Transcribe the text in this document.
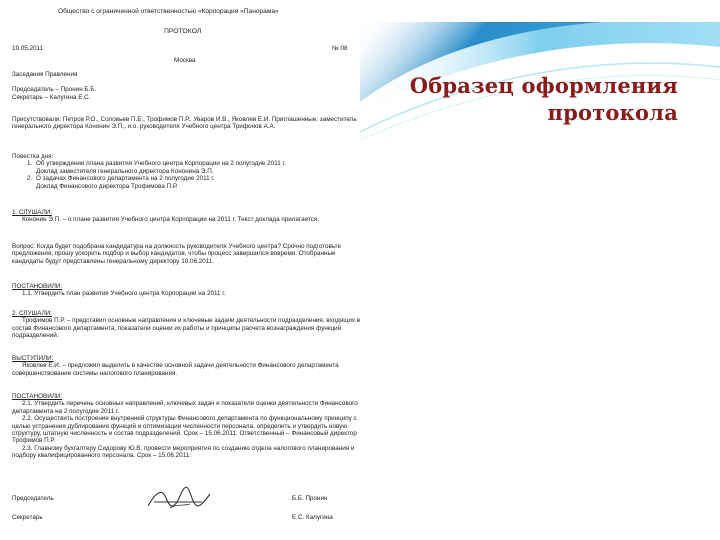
Общество с ограниченной ответственностью «Корпорация «Панорама»
ПРОТОКОЛ
19.05.2011	№ 08
Москва
Заседания Правления
Председатель – Пронин Б.Б.
Секретарь – Калугина Е.С.

Присутствовали: Петров Р.О., Соловьев П.Б., Трофимов П.Р., Уваров И.В., Яковлев Е.И. Приглашенные: заместитель генерального директора Кононин Э.П., и.о. руководителя Учебного центра Трифонов А.А.

Повестка дня:

1. Об утверждении плана развития Учебного центра Корпорации на 2 полугодие 2011 г.
Доклад заместителя генерального директора Кононина Э.П.
2. О задачах Финансового департамента на 2 полугодие 2011 г.
Доклад Финансового директора Трофимова П.Р.

1. СЛУШАЛИ:

Кононин Э.П. – о плане развития Учебного центра Корпорации на 2011 г. Текст доклада прилагается.

Вопрос: Когда будет подобрана кандидатура на должность руководителя Учебного центра? Срочно подготовьте предложения, прошу ускорить подбор и выбор кандидатов, чтобы процесс завершился вовремя. Отобранные кандидаты будут представлены генеральному директору 10.06.2011.

ПОСТАНОВИЛИ:

1.1. Утвердить план развития Учебного центра Корпорации на 2011 г.

2. СЛУШАЛИ:

Трофимов П.Р. – представил основные направления и ключевые задачи деятельности подразделения, входящих в состав Финансового департамента, показатели оценки их работы и принципы расчета вознаграждения функций подразделений.

ВЫСТУПИЛИ:

Яковлев Е.И. – предложил выделить в качестве основной задачи деятельности Финансового департамента совершенствование системы налогового планирования.

ПОСТАНОВИЛИ:

2.1. Утвердить перечень основных направлений, ключевых задач и показатели оценки деятельности Финансового департамента на 2 полугодие 2011 г.

2.2. Осуществить построение внутренней структуры Финансового департамента по функциональному принципу с целью устранения дублирования функций и оптимизации численности персонала, определить и утвердить новую структуру, штатную численность и состав подразделений. Срок – 15.06.2011. Ответственный – Финансовый директор Трофимов П.Р.

2.3. Главному бухгалтеру Сидорову Ю.В. провести мероприятия по созданию отдела налогового планирования и подбору квалифицированного персонала. Срок – 15.06.2011.

Председатель	Б.Б. Пронин
Секретарь	Е.С. Калугина
Образец оформления
протокола
